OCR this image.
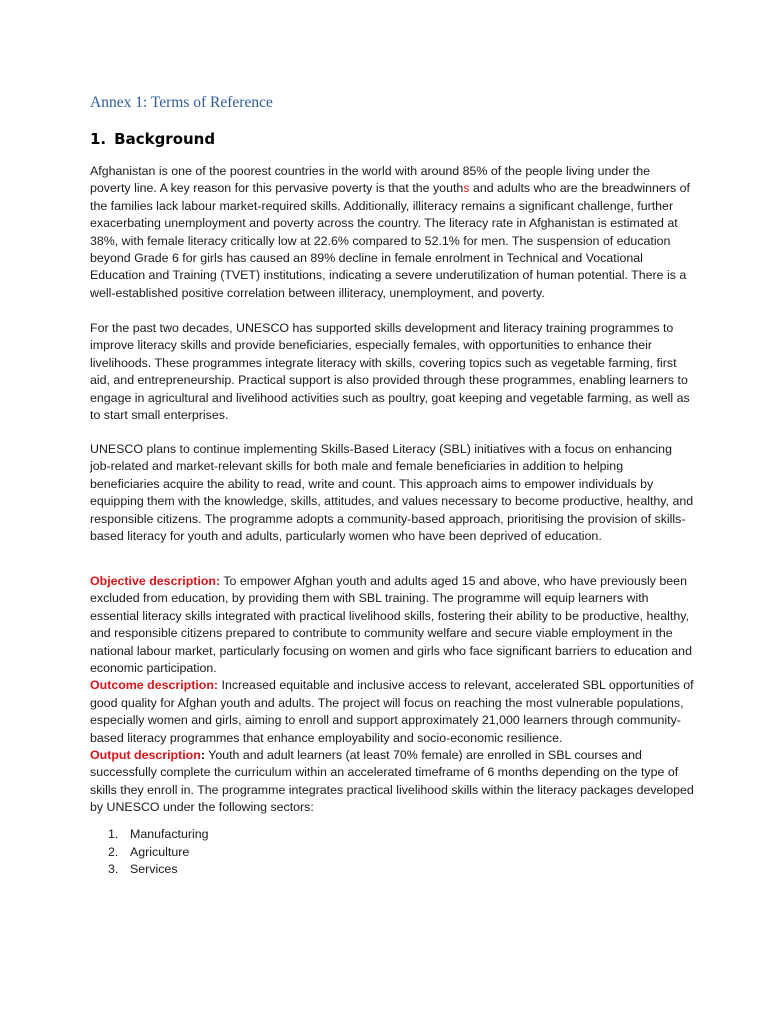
Annex 1: Terms of Reference
1. Background

Afghanistan is one of the poorest countries in the world with around 85% of the people living under the poverty line. A key reason for this pervasive poverty is that the youths and adults who are the breadwinners of the families lack labour market-required skills. Additionally, illiteracy remains a significant challenge, further exacerbating unemployment and poverty across the country. The literacy rate in Afghanistan is estimated at 38%, with female literacy critically low at 22.6% compared to 52.1% for men. The suspension of education beyond Grade 6 for girls has caused an 89% decline in female enrolment in Technical and Vocational Education and Training (TVET) institutions, indicating a severe underutilization of human potential. There is a well-established positive correlation between illiteracy, unemployment, and poverty.

For the past two decades, UNESCO has supported skills development and literacy training programmes to improve literacy skills and provide beneficiaries, especially females, with opportunities to enhance their livelihoods. These programmes integrate literacy with skills, covering topics such as vegetable farming, first aid, and entrepreneurship. Practical support is also provided through these programmes, enabling learners to engage in agricultural and livelihood activities such as poultry, goat keeping and vegetable farming, as well as to start small enterprises.

UNESCO plans to continue implementing Skills-Based Literacy (SBL) initiatives with a focus on enhancing job-related and market-relevant skills for both male and female beneficiaries in addition to helping beneficiaries acquire the ability to read, write and count. This approach aims to empower individuals by equipping them with the knowledge, skills, attitudes, and values necessary to become productive, healthy, and responsible citizens. The programme adopts a community-based approach, prioritising the provision of skills-based literacy for youth and adults, particularly women who have been deprived of education.

Objective description: To empower Afghan youth and adults aged 15 and above, who have previously been excluded from education, by providing them with SBL training. The programme will equip learners with essential literacy skills integrated with practical livelihood skills, fostering their ability to be productive, healthy, and responsible citizens prepared to contribute to community welfare and secure viable employment in the national labour market, particularly focusing on women and girls who face significant barriers to education and economic participation.
Outcome description: Increased equitable and inclusive access to relevant, accelerated SBL opportunities of good quality for Afghan youth and adults. The project will focus on reaching the most vulnerable populations, especially women and girls, aiming to enroll and support approximately 21,000 learners through community-based literacy programmes that enhance employability and socio-economic resilience.
Output description: Youth and adult learners (at least 70% female) are enrolled in SBL courses and successfully complete the curriculum within an accelerated timeframe of 6 months depending on the type of skills they enroll in. The programme integrates practical livelihood skills within the literacy packages developed by UNESCO under the following sectors:

1. Manufacturing
2. Agriculture
3. Services
